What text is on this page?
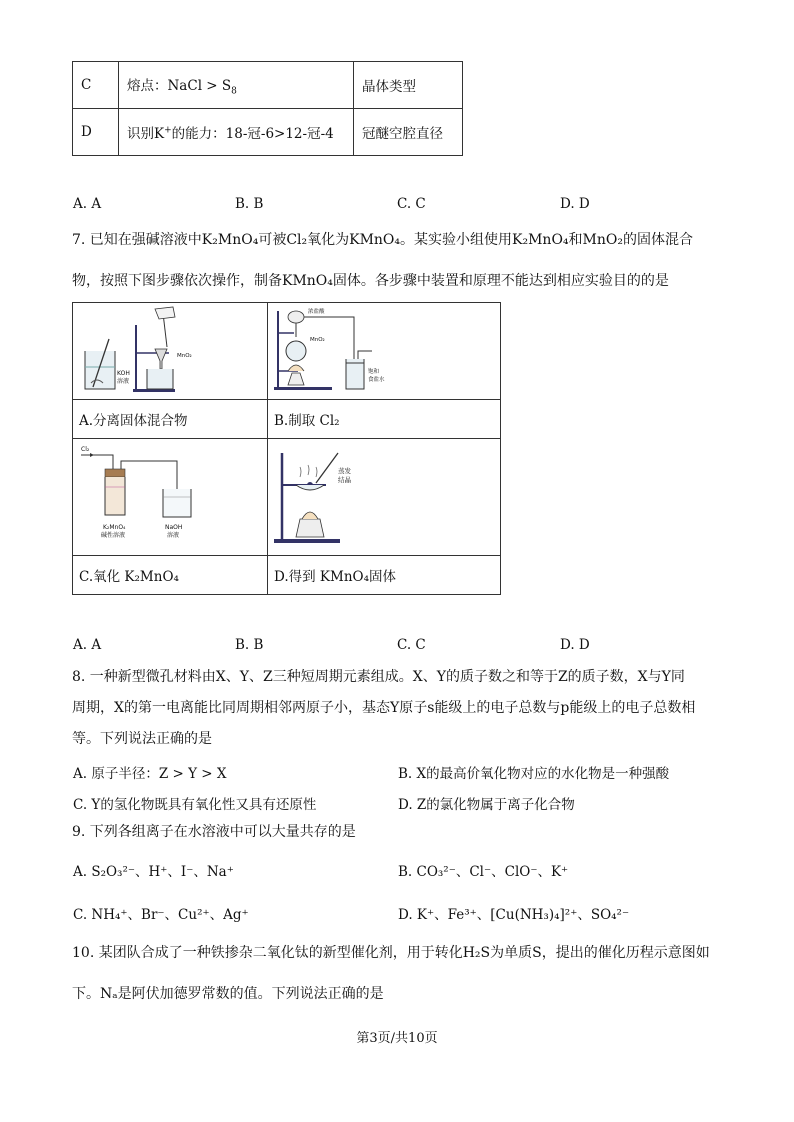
C	熔点：NaCl > $S_8$	晶体类型
D	识别K+的能力：18-冠-6>12-冠-4	冠醚空腔直径
A. A	B. B	C. C	D. D
7. 已知在强碱溶液中K₂MnO₄可被Cl₂氧化为KMnO₄。某实验小组使用K₂MnO₄和MnO₂的固体混合
物，按照下图步骤依次操作，制备KMnO₄固体。各步骤中装置和原理不能达到相应实验目的的是
KOH
溶液
MnO₂	浓盐酸
MnO₂
饱和
食盐水

A.分离固体混合物	B.制取 Cl₂

Cl₂
K₂MnO₄
碱性溶液
NaOH
溶液	蒸发
结晶

C.氧化 K₂MnO₄	D.得到 KMnO₄固体
A. A	B. B	C. C	D. D
8. 一种新型微孔材料由X、Y、Z三种短周期元素组成。X、Y的质子数之和等于Z的质子数，X与Y同
周期，X的第一电离能比同周期相邻两原子小，基态Y原子s能级上的电子总数与p能级上的电子总数相
等。下列说法正确的是
A. 原子半径：Z > Y > X	B. X的最高价氧化物对应的水化物是一种强酸
C. Y的氢化物既具有氧化性又具有还原性	D. Z的氯化物属于离子化合物
9. 下列各组离子在水溶液中可以大量共存的是
A. S₂O₃²⁻、H⁺、I⁻、Na⁺	B. CO₃²⁻、Cl⁻、ClO⁻、K⁺
C. NH₄⁺、Br⁻、Cu²⁺、Ag⁺	D. K⁺、Fe³⁺、[Cu(NH₃)₄]²⁺、SO₄²⁻
10. 某团队合成了一种铁掺杂二氧化钛的新型催化剂，用于转化H₂S为单质S，提出的催化历程示意图如
下。Nₐ是阿伏加德罗常数的值。下列说法正确的是
第3页/共10页
